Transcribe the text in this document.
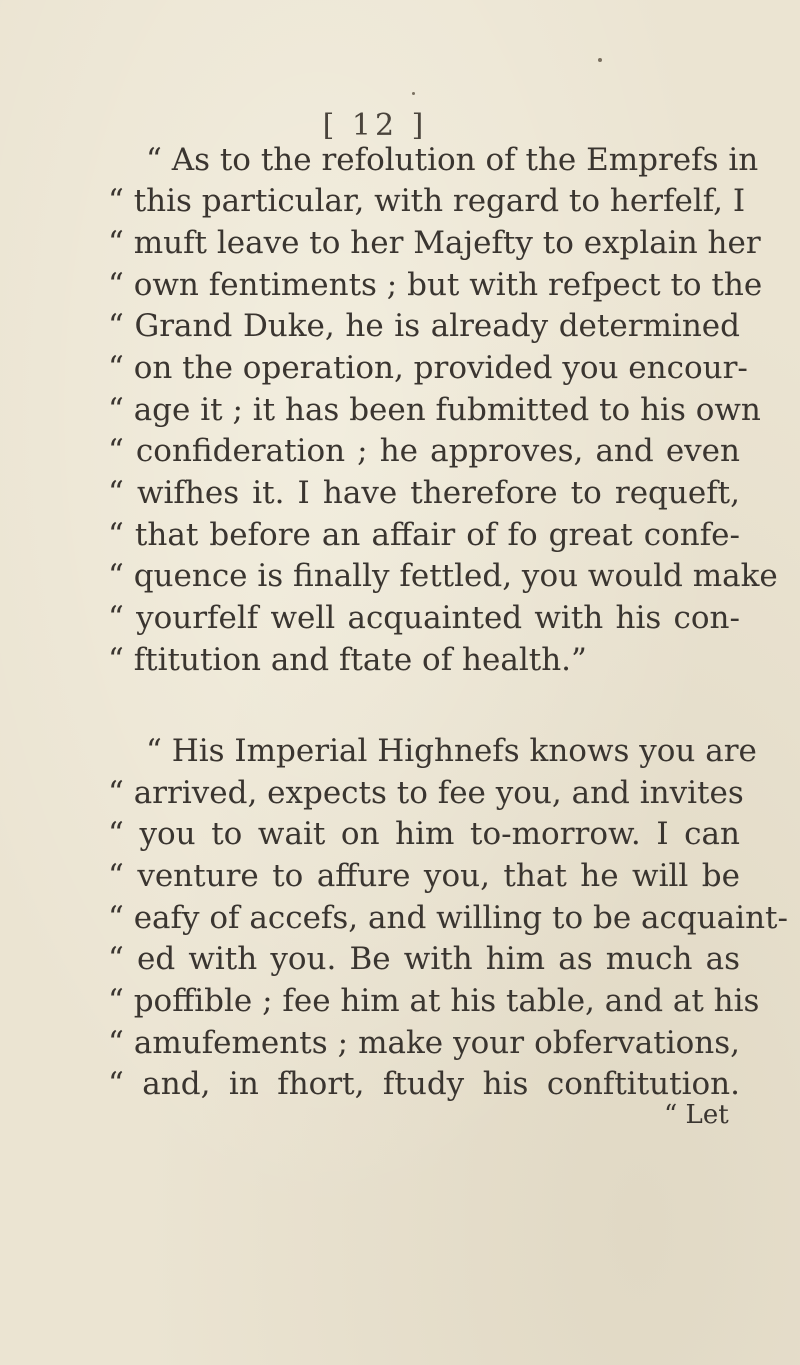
[ 12 ]
“ As to the refolution of the Emprefs in
“ this particular, with regard to herfelf, I
“ muft leave to her Majefty to explain her
“ own fentiments ; but with refpect to the
“ Grand Duke, he is already determined
“ on the operation, provided you encour-
“ age it ; it has been fubmitted to his own
“ confideration ; he approves, and even
“ wifhes it. I have therefore to requeft,
“ that before an affair of fo great confe-
“ quence is finally fettled, you would make
“ yourfelf well acquainted with his con-
“ ftitution and ftate of health.”
“ His Imperial Highnefs knows you are
“ arrived, expects to fee you, and invites
“ you to wait on him to-morrow. I can
“ venture to affure you, that he will be
“ eafy of accefs, and willing to be acquaint-
“ ed with you. Be with him as much as
“ poffible ; fee him at his table, and at his
“ amufements ; make your obfervations,
“ and, in fhort, ftudy his conftitution.
“ Let
